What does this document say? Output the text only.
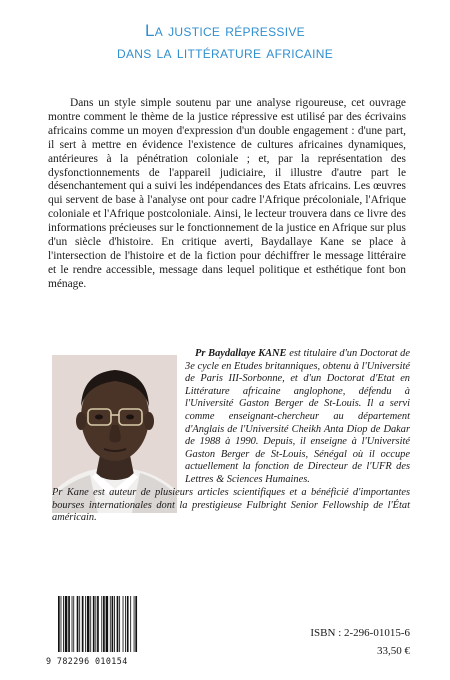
La justice répressive
dans la littérature africaine

Dans un style simple soutenu par une analyse rigoureuse, cet ouvrage montre comment le thème de la justice répressive est utilisé par des écrivains africains comme un moyen d'expression d'un double engagement : d'une part, il sert à mettre en évidence l'existence de cultures africaines dynamiques, antérieures à la pénétration coloniale ; et, par la représentation des dysfonctionnements de l'appareil judiciaire, il illustre d'autre part le désenchantement qui a suivi les indépendances des Etats africains. Les œuvres qui servent de base à l'analyse ont pour cadre l'Afrique précoloniale, l'Afrique coloniale et l'Afrique postcoloniale. Ainsi, le lecteur trouvera dans ce livre des informations précieuses sur le fonctionnement de la justice en Afrique sur plus d'un siècle d'histoire. En critique averti, Baydallaye Kane se place à l'intersection de l'histoire et de la fiction pour déchiffrer le message littéraire et le rendre accessible, message dans lequel politique et esthétique font bon ménage.

Pr Baydallaye KANE est titulaire d'un Doctorat de 3e cycle en Etudes britanniques, obtenu à l'Université de Paris III-Sorbonne, et d'un Doctorat d'Etat en Littérature africaine anglophone, défendu à l'Université Gaston Berger de St-Louis. Il a servi comme enseignant-chercheur au département d'Anglais de l'Université Cheikh Anta Diop de Dakar de 1988 à 1990. Depuis, il enseigne à l'Université Gaston Berger de St-Louis, Sénégal où il occupe actuellement la fonction de Directeur de l'UFR des Lettres & Sciences Humaines.

Pr Kane est auteur de plusieurs articles scientifiques et a bénéficié d'importantes bourses internationales dont la prestigieuse Fulbright Senior Fellowship de l'État américain.

9 782296 010154
ISBN : 2-296-01015-6
33,50 €
